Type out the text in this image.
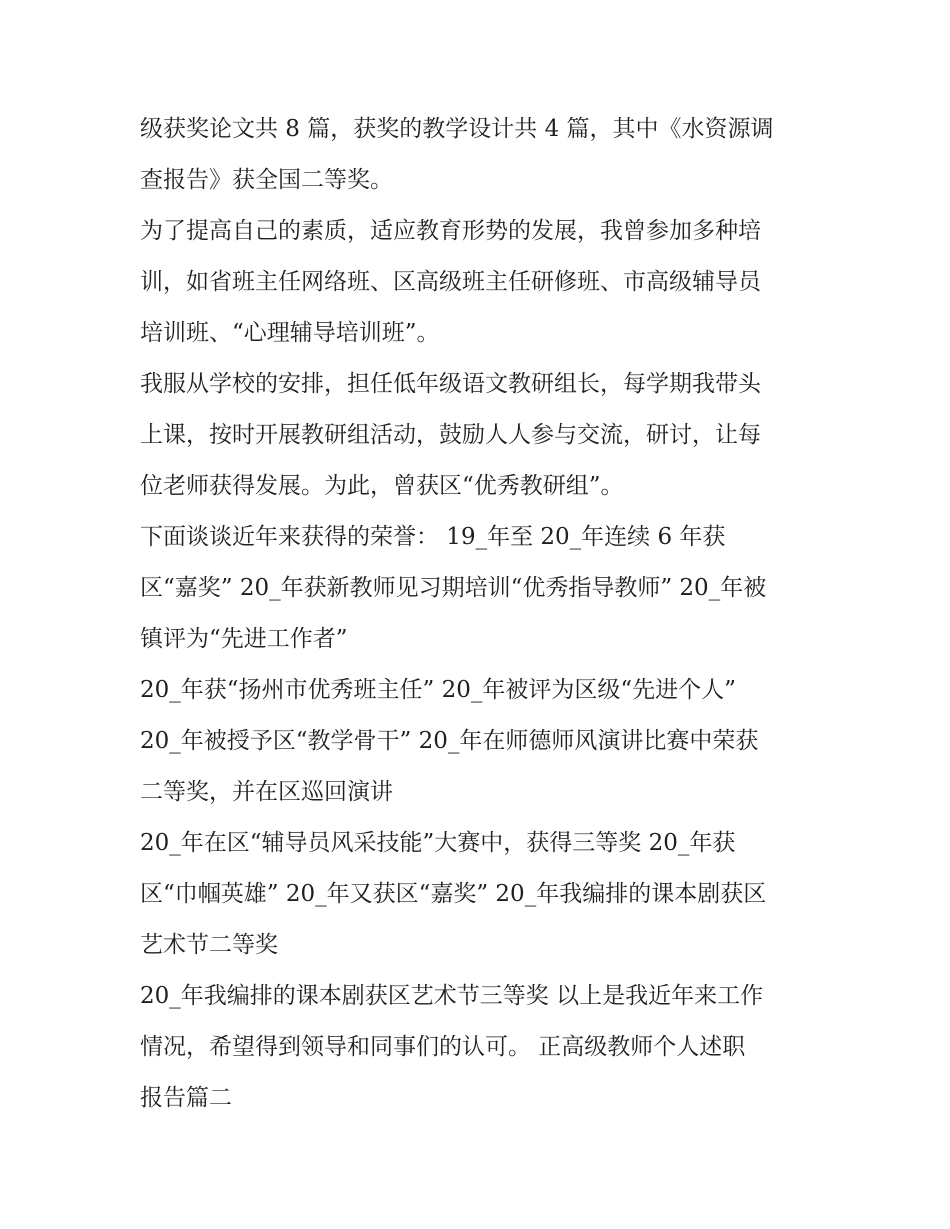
级获奖论文共 8 篇，获奖的教学设计共 4 篇，其中《水资源调
查报告》获全国二等奖。
为了提高自己的素质，适应教育形势的发展，我曾参加多种培
训，如省班主任网络班、区高级班主任研修班、市高级辅导员
培训班、“心理辅导培训班”。
我服从学校的安排，担任低年级语文教研组长，每学期我带头
上课，按时开展教研组活动，鼓励人人参与交流，研讨，让每
位老师获得发展。为此，曾获区“优秀教研组”。
下面谈谈近年来获得的荣誉： 19_年至 20_年连续 6 年获
区“嘉奖” 20_年获新教师见习期培训“优秀指导教师” 20_年被
镇评为“先进工作者”
20_年获“扬州市优秀班主任” 20_年被评为区级“先进个人”
20_年被授予区“教学骨干” 20_年在师德师风演讲比赛中荣获
二等奖，并在区巡回演讲
20_年在区“辅导员风采技能”大赛中，获得三等奖 20_年获
区“巾帼英雄” 20_年又获区“嘉奖” 20_年我编排的课本剧获区
艺术节二等奖
20_年我编排的课本剧获区艺术节三等奖 以上是我近年来工作
情况，希望得到领导和同事们的认可。 正高级教师个人述职
报告篇二
